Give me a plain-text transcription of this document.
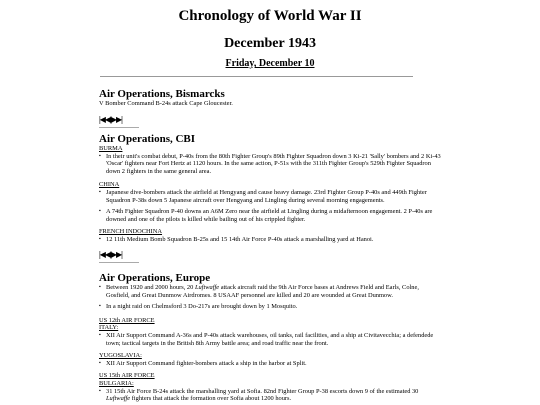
Chronology of World War II
December 1943
Friday, December 10
Air Operations, Bismarcks
V Bomber Command B-24s attack Cape Gloucester.
|◀◀|▶▶|
Air Operations, CBI
BURMA
▪ In their unit's combat debut, P-40s from the 80th Fighter Group's 89th Fighter Squadron down 3 Ki-21 'Sally' bombers and 2 Ki-43 'Oscar' fighters near Fort Hertz at 1120 hours. In the same action, P-51s with the 311th Fighter Group's 529th Fighter Squadron down 2 fighters in the same general area.
CHINA
▪ Japanese dive-bombers attack the airfield at Hengyang and cause heavy damage. 23rd Fighter Group P-40s and 449th Fighter Squadron P-38s down 5 Japanese aircraft over Hengyang and Lingling during several morning engagements.
▪ A 74th Fighter Squadron P-40 downs an A6M Zero near the airfield at Lingling during a midafternoon engagement. 2 P-40s are downed and one of the pilots is killed while bailing out of his crippled fighter.
FRENCH INDOCHINA
▪ 12 11th Medium Bomb Squadron B-25s and 15 14th Air Force P-40s attack a marshalling yard at Hanoi.
|◀◀|▶▶|
Air Operations, Europe
▪ Between 1920 and 2000 hours, 20 Luftwaffe attack aircraft raid the 9th Air Force bases at Andrews Field and Earls, Colne, Gosfield, and Great Dunmow Airdromes. 8 USAAF personnel are killed and 20 are wounded at Great Dunmow.
▪ In a night raid on Chelmsford 3 Do-217s are brought down by 1 Mosquito.
US 12th AIR FORCE
ITALY:
▪ XII Air Support Command A-36s and P-40s attack warehouses, oil tanks, rail facilities, and a ship at Civitavecchia; a defendede town; tactical targets in the British 8th Army battle area; and road traffic near the front.
YUGOSLAVIA:
▪ XII Air Support Command fighter-bombers attack a ship in the harbor at Split.
US 15th AIR FORCE
BULGARIA:
▪ 31 15th Air Force B-24s attack the marshalling yard at Sofia. 82nd Fighter Group P-38 escorts down 9 of the estimated 30 Luftwaffe fighters that attack the formation over Sofia about 1200 hours.
